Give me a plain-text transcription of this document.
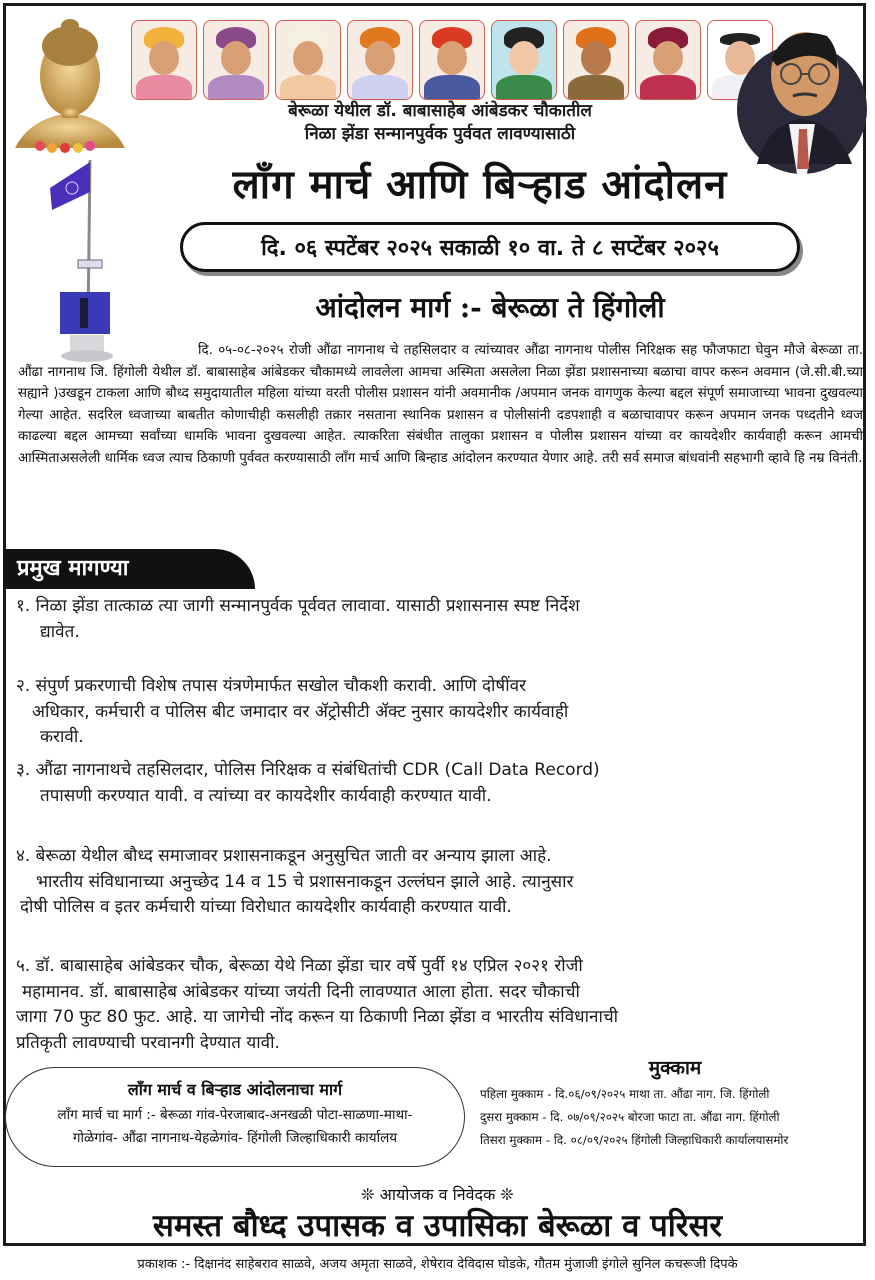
बेरूळा येथील डॉ. बाबासाहेब आंबेडकर चौकातील
निळा झेंडा सन्मानपुर्वक पुर्ववत लावण्यासाठी
लाँग मार्च आणि बिऱ्हाड आंदोलन
दि. ०६ स्पटेंबर २०२५ सकाळी १० वा. ते ८ सप्टेंबर २०२५
आंदोलन मार्ग :- बेरूळा ते हिंगोली
दि. ०५-०८-२०२५ रोजी औंढा नागनाथ चे तहसिलदार व त्यांच्यावर औंढा नागनाथ पोलीस निरिक्षक सह फौजफाटा घेवुन मौजे बेरूळा ता. औंढा नागनाथ जि. हिंगोली येथील डॉ. बाबासाहेब आंबेडकर चौकामध्ये लावलेला आमचा अस्मिता असलेला निळा झेंडा प्रशासनाच्या बळाचा वापर करून अवमान (जे.सी.बी.च्या सह्याने )उखडून टाकला आणि बौध्द समुदायातील महिला यांच्या वरती पोलीस प्रशासन यांनी अवमानीक /अपमान जनक वागणुक केल्या बद्दल संपूर्ण समाजाच्या भावना दुखवल्या गेल्या आहेत. सदरिल ध्वजाच्या बाबतीत कोणाचीही कसलीही तक्रार नसताना स्थानिक प्रशासन व पोलीसांनी दडपशाही व बळाचावापर करून अपमान जनक पध्दतीने ध्वज काढल्या बद्दल आमच्या सर्वांच्या धामकि भावना दुखवल्या आहेत. त्याकरिता संबंधीत तालुका प्रशासन व पोलीस प्रशासन यांच्या वर कायदेशीर कार्यवाही करून आमची आस्मिताअसलेली धार्मिक ध्वज त्याच ठिकाणी पुर्ववत करण्यासाठी लाँग मार्च आणि बिन्हाड आंदोलन करण्यात येणार आहे. तरी सर्व समाज बांधवांनी सहभागी व्हावे हि नम्र विनंती.
प्रमुख मागण्या
१. निळा झेंडा तात्काळ त्या जागी सन्मानपुर्वक पूर्ववत लावावा. यासाठी प्रशासनास स्पष्ट निर्देश
द्यावेत.
२. संपुर्ण प्रकरणाची विशेष तपास यंत्रणेमार्फत सखोल चौकशी करावी. आणि दोषींवर
अधिकार, कर्मचारी व पोलिस बीट जमादार वर ॲट्रोसीटी ॲक्ट नुसार कायदेशीर कार्यवाही
करावी.
३. औंढा नागनाथचे तहसिलदार, पोलिस निरिक्षक व संबंधितांची CDR (Call Data Record)
तपासणी करण्यात यावी. व त्यांच्या वर कायदेशीर कार्यवाही करण्यात यावी.
४. बेरूळा येथील बौध्द समाजावर प्रशासनाकडून अनुसुचित जाती वर अन्याय झाला आहे.
भारतीय संविधानाच्या अनुच्छेद 14 व 15 चे प्रशासनाकडून उल्लंघन झाले आहे. त्यानुसार
दोषी पोलिस व इतर कर्मचारी यांच्या विरोधात कायदेशीर कार्यवाही करण्यात यावी.
५. डॉ. बाबासाहेब आंबेडकर चौक, बेरूळा येथे निळा झेंडा चार वर्षे पुर्वी १४ एप्रिल २०२१ रोजी
महामानव. डॉ. बाबासाहेब आंबेडकर यांच्या जयंती दिनी लावण्यात आला होता. सदर चौकाची
जागा 70 फुट 80 फुट. आहे. या जागेची नोंद करून या ठिकाणी निळा झेंडा व भारतीय संविधानाची
प्रतिकृती लावण्याची परवानगी देण्यात यावी.
लाँग मार्च व बिऱ्हाड आंदोलनाचा मार्ग
लाँग मार्च चा मार्ग :- बेरूळा गांव-पेरजाबाद-अनखळी पोटा-साळणा-माथा-
गोळेगांव- औंढा नागनाथ-येहळेगांव- हिंगोली जिल्हाधिकारी कार्यालय
मुक्काम
पहिला मुक्काम - दि.०६/०९/२०२५ माथा ता. औंढा नाग. जि. हिंगोली
दुसरा मुक्काम - दि. ०७/०९/२०२५ बोरजा फाटा ता. औंढा नाग. हिंगोली
तिसरा मुक्काम - दि. ०८/०९/२०२५ हिंगोली जिल्हाधिकारी कार्यालयासमोर
❊ आयोजक व निवेदक ❊
समस्त बौध्द उपासक व उपासिका बेरूळा व परिसर
प्रकाशक :- दिक्षानंद साहेबराव साळवे, अजय अमृता साळवे, शेषेराव देविदास घोडके, गौतम मुंजाजी इंगोले सुनिल कचरूजी दिपके
